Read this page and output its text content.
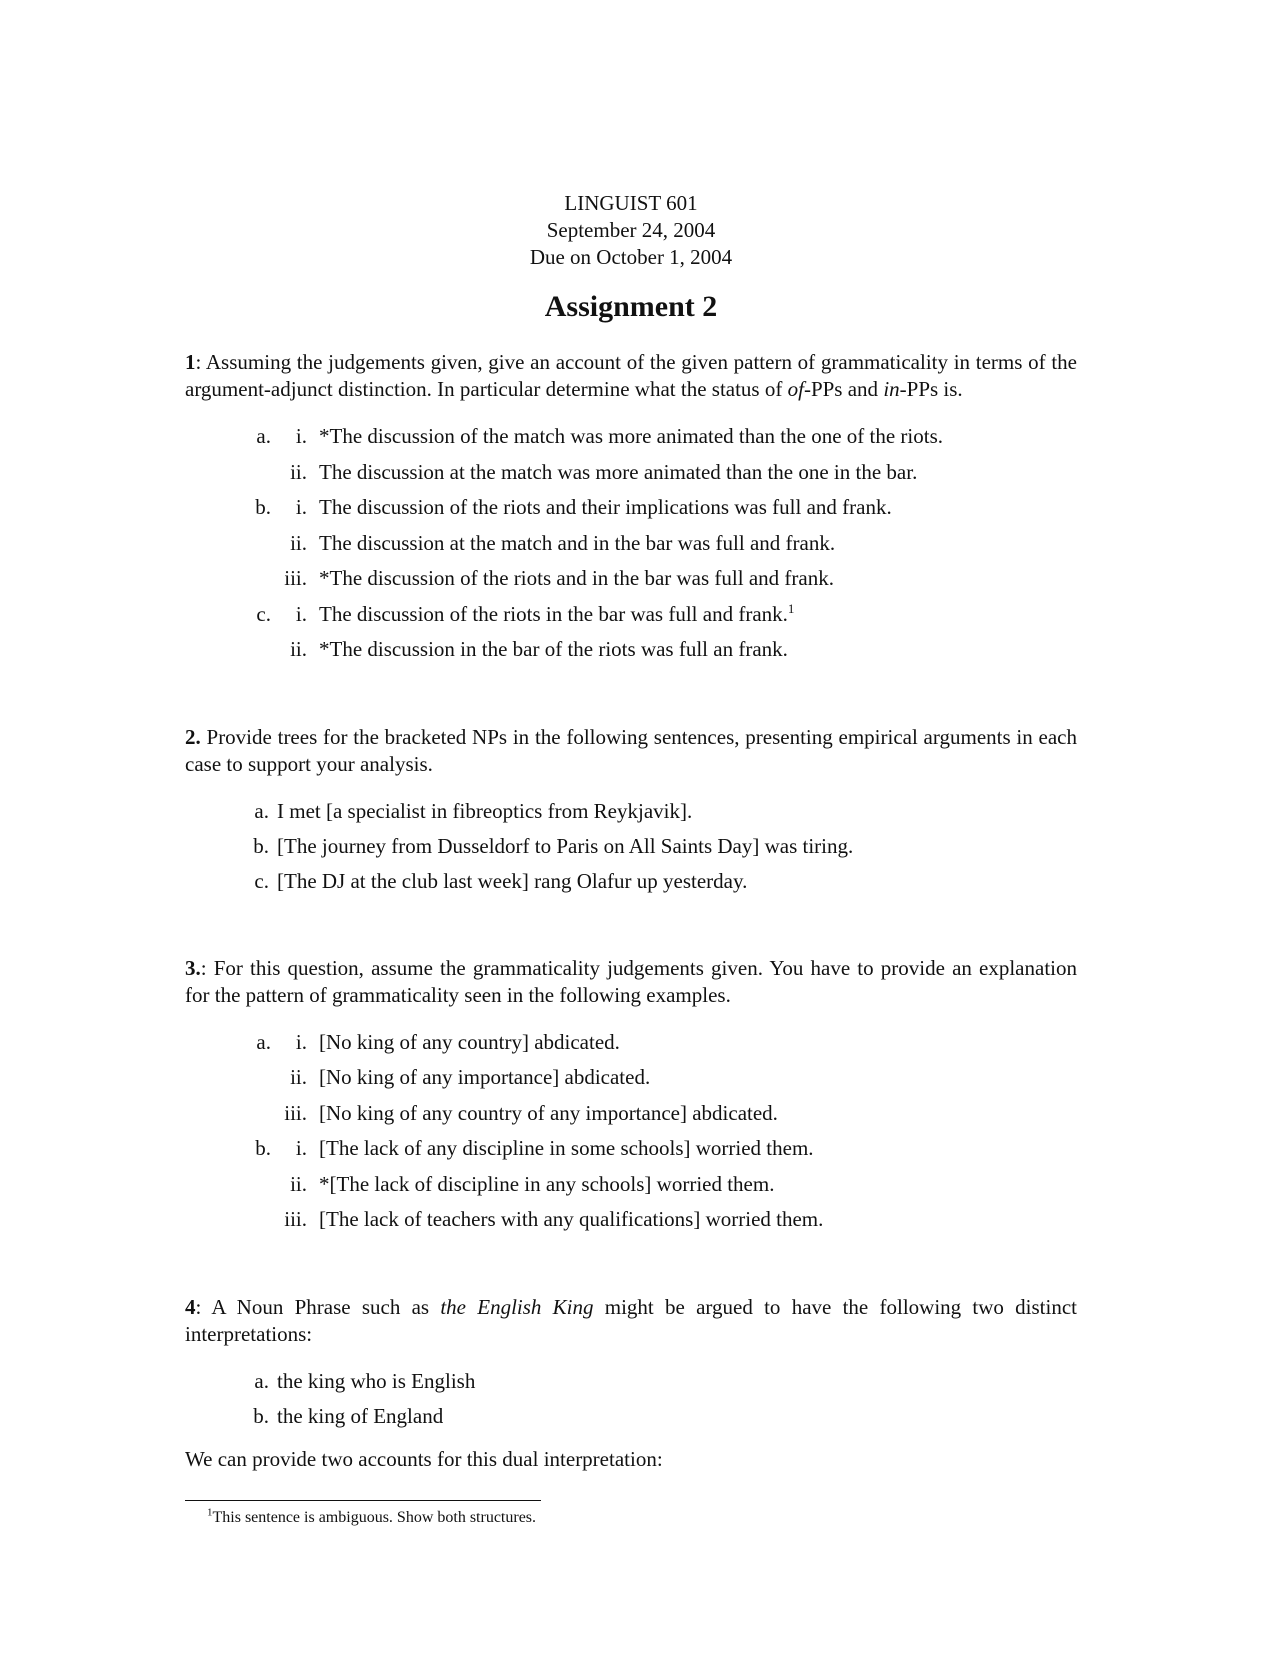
LINGUIST 601
September 24, 2004
Due on October 1, 2004
Assignment 2

1: Assuming the judgements given, give an account of the given pattern of grammaticality in terms of the argument-adjunct distinction. In particular determine what the status of of-PPs and in-PPs is.

a.	i. *The discussion of the match was more animated than the one of the riots.
ii. The discussion at the match was more animated than the one in the bar.
b.	i. The discussion of the riots and their implications was full and frank.
ii. The discussion at the match and in the bar was full and frank.
iii. *The discussion of the riots and in the bar was full and frank.
c.	i. The discussion of the riots in the bar was full and frank.$^1$
ii. *The discussion in the bar of the riots was full an frank.

2. Provide trees for the bracketed NPs in the following sentences, presenting empirical arguments in each case to support your analysis.

a. I met [a specialist in fibreoptics from Reykjavik].
b. [The journey from Dusseldorf to Paris on All Saints Day] was tiring.
c. [The DJ at the club last week] rang Olafur up yesterday.

3.: For this question, assume the grammaticality judgements given. You have to provide an explanation for the pattern of grammaticality seen in the following examples.

a.	i. [No king of any country] abdicated.
ii. [No king of any importance] abdicated.
iii. [No king of any country of any importance] abdicated.
b.	i. [The lack of any discipline in some schools] worried them.
ii. *[The lack of discipline in any schools] worried them.
iii. [The lack of teachers with any qualifications] worried them.

4: A Noun Phrase such as the English King might be argued to have the following two distinct interpretations:

a. the king who is English
b. the king of England

We can provide two accounts for this dual interpretation:

$^1$This sentence is ambiguous. Show both structures.
